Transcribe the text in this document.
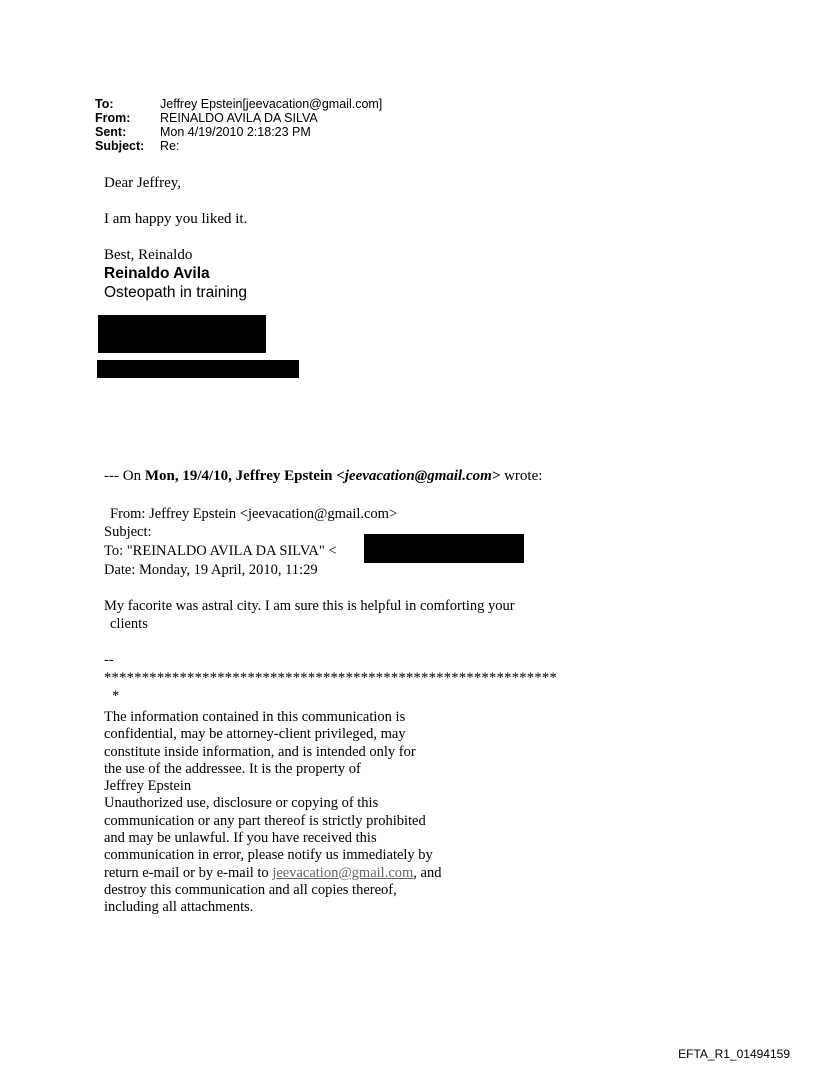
To:	Jeffrey Epstein[jeevacation@gmail.com]
From:	REINALDO AVILA DA SILVA
Sent:	Mon 4/19/2010 2:18:23 PM
Subject:	Re:
Dear Jeffrey,
I am happy you liked it.
Best, Reinaldo
Reinaldo Avila
Osteopath in training
--- On Mon, 19/4/10, Jeffrey Epstein <jeevacation@gmail.com> wrote:
From: Jeffrey Epstein <jeevacation@gmail.com>
Subject:
To: "REINALDO AVILA DA SILVA" <
Date: Monday, 19 April, 2010, 11:29
My facorite was astral city. I am sure this is helpful in comforting your
clients
--
************************************************************
*
The information contained in this communication is
confidential, may be attorney-client privileged, may
constitute inside information, and is intended only for
the use of the addressee. It is the property of
Jeffrey Epstein
Unauthorized use, disclosure or copying of this
communication or any part thereof is strictly prohibited
and may be unlawful. If you have received this
communication in error, please notify us immediately by
return e-mail or by e-mail to jeevacation@gmail.com, and
destroy this communication and all copies thereof,
including all attachments.
EFTA_R1_01494159
